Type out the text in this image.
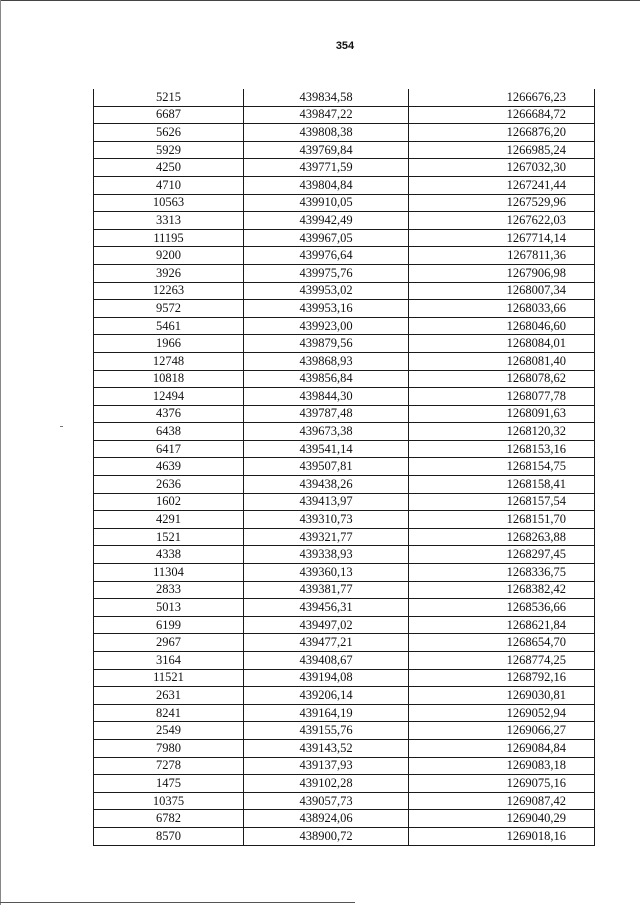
354
5215	439834,58	1266676,23
6687	439847,22	1266684,72
5626	439808,38	1266876,20
5929	439769,84	1266985,24
4250	439771,59	1267032,30
4710	439804,84	1267241,44
10563	439910,05	1267529,96
3313	439942,49	1267622,03
11195	439967,05	1267714,14
9200	439976,64	1267811,36
3926	439975,76	1267906,98
12263	439953,02	1268007,34
9572	439953,16	1268033,66
5461	439923,00	1268046,60
1966	439879,56	1268084,01
12748	439868,93	1268081,40
10818	439856,84	1268078,62
12494	439844,30	1268077,78
4376	439787,48	1268091,63
6438	439673,38	1268120,32
6417	439541,14	1268153,16
4639	439507,81	1268154,75
2636	439438,26	1268158,41
1602	439413,97	1268157,54
4291	439310,73	1268151,70
1521	439321,77	1268263,88
4338	439338,93	1268297,45
11304	439360,13	1268336,75
2833	439381,77	1268382,42
5013	439456,31	1268536,66
6199	439497,02	1268621,84
2967	439477,21	1268654,70
3164	439408,67	1268774,25
11521	439194,08	1268792,16
2631	439206,14	1269030,81
8241	439164,19	1269052,94
2549	439155,76	1269066,27
7980	439143,52	1269084,84
7278	439137,93	1269083,18
1475	439102,28	1269075,16
10375	439057,73	1269087,42
6782	438924,06	1269040,29
8570	438900,72	1269018,16
